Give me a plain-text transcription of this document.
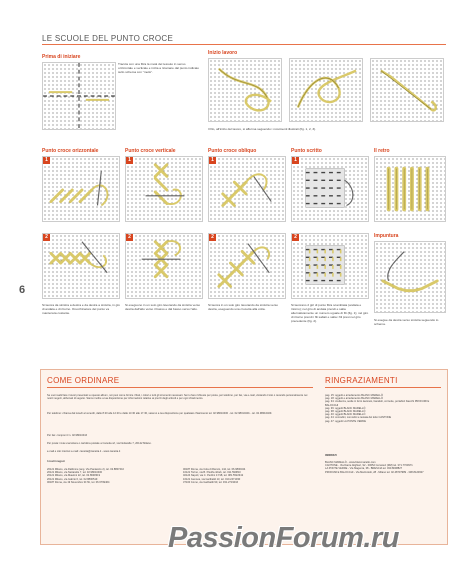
LE SCUOLE DEL PUNTO CROCE
Prima di iniziare
Traccia con una filza la metà del tessuto in senso orizzontale e verticale e inizia a ricamare dal punto indicato sullo schema con "metà".
Inizio lavoro
Il filo, all'inizio del lavoro, si afferma seguendo i movimenti illustrati (fig. 1, 2, 3).
Punto croce orizzontale	Punto croce verticale	Punto croce obliquo	Punto scritto	Il retro
1	1	1	1
2	2	2	2	Impuntura
Si esegue da destra verso sinistra seguendo lo schema.
Si lavora da sinistra a destra e da destra a sinistra, in giù di andata e di ritorno. Orecchinatore del punto va mantenuta costante.
Si eseguono in un solo giro lavorando da sinistra verso destra dall'alto verso il basso e dal basso verso l'alto.
Si lavora in un solo giro lavorando da sinistra verso destra, eseguendo una crocetta alla volta.
Si lavorano 2 giri di punto filza scambiata (andata e ritorno); nel giro di andata prendi e salta alternativamente un numero uguale di fili (fig. 1); nel giro di ritorno prendi i fili saltati e salta i fili presi nel giro precedente (fig. 2).
6
COME ORDINARE
Se vuoi realizzare i lavori presentati su questo album, noi puoi come fornire i filati, i colori e tutti gli strumenti necessari. Sei tu fare richieste per posta, per telefono, per fax, via e-mail, visitando il sito o recando personalmente nei nostri negozi, abbonati di seguito. Siamo inoltre a tua disposizione per informazioni relative ai prezzi degli articoli e per ogni chiarimento.
Per telefono: chiama dal lunedì al venerdì, dalle 8.30 alle 12.30 e dalle 13.30 alle 17.30, saremo a tua disposizione per qualsiasi chiarimento tel. 02.98010400 - tel. 02.98010401 - tel. 02.98010409.
Per fax: componi il n. 02.98010416
Per posta: invia una lettera o cartolina postale a Canetta srl, via Nettarelle 7, 20122 Milano.
e-mail e sito internet e-mail: canetta@canetta.it - www.canetta.it
I nostri negozi
20121 Milano, via Dalfonne (ang. Via Pantaccio 2), tel. 02.8807410
20121 Milano, via Nettarelle 7, tel. 02.98010400
20121 Milano, via Mauloni 22, tel. 02.8648319
20121 Milano, via Gabrio 6, tel. 02.8800519
00187 Roma, via 19 Novembre 317/b, tel. 06.6799464
00187 Roma, via Cola di Rienzo, 144, tel. 06.6800434
10121 Torino, via B. Pisolfa 42/eb, tel. 011.590810
40124 Napoli, via C. Pedrini 17/18, tel. 081.5522342
16121 Genova, via Garibaldi 13, tel. 010.2471030
37100 Como, via Garibaldi 90, tel. 031.2719016
RINGRAZIAMENTI
pag. 15: oggetti e arredamento BLANC MARELLÒ
pag. 18: oggetti e arredamento BLANC MARELLÒ
pag. 34: credenza, sedie in ferro lavorato, barattoli, cornette, portafiori bianchi PROFUMI E BALOCCHI
pag. 36: oggetti BLANC MARELLÒ
pag. 38: oggetti BLANC MARELLÒ
pag. 40: oggetti BLANC MARELLÒ
pag. 44: comodini, comodini e testata del letto CANTONE
pag. 47: oggetti LA PONTE VERDE
INDIRIZZI
BLANC MARELLÒ - www.blancmarello.com
CANTONE - Via Dante Alighieri, 92 - 00052 Cerveteri (RM) tel. 371.7700971
LA PONTE VERDE - Via Magenta, 38 - BRESCIA tel. 030.8008827
PROFUMI E BALOCCHI - Via Mazzoletti, 28 - Milano tel. 02.48707989 - 338.8120937
PassionForum.ru
